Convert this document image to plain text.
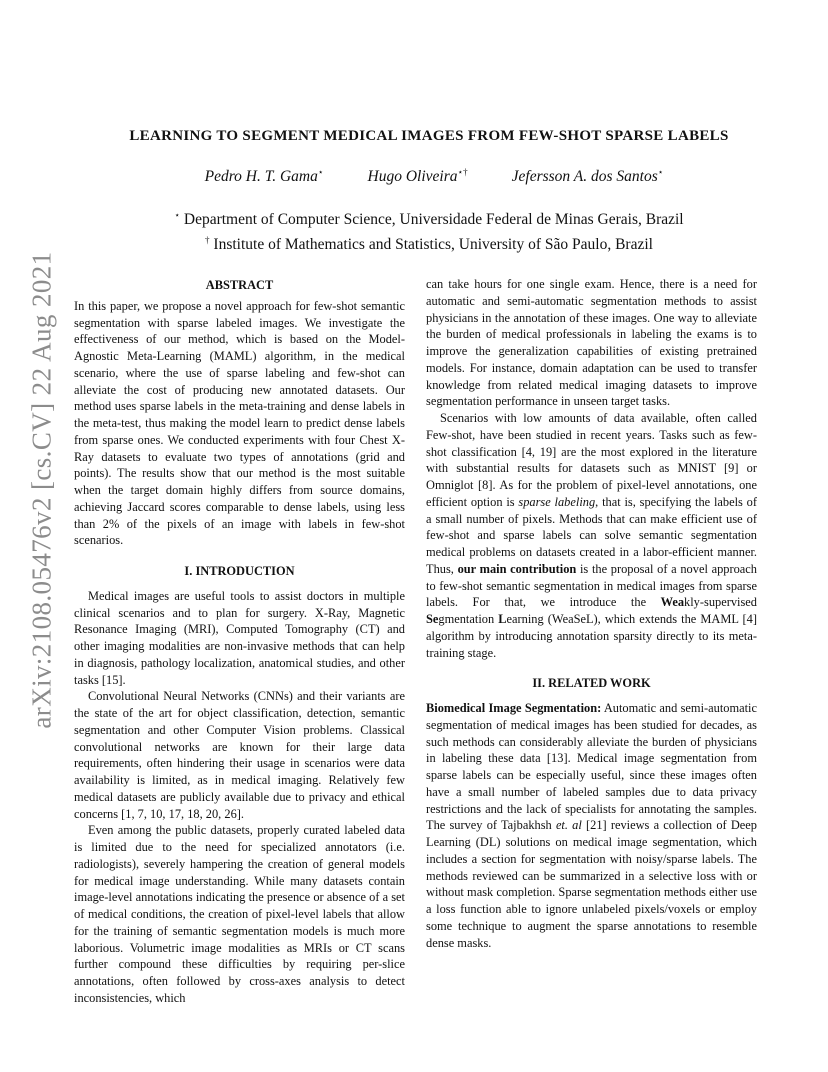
arXiv:2108.05476v2 [cs.CV] 22 Aug 2021
LEARNING TO SEGMENT MEDICAL IMAGES FROM FEW-SHOT SPARSE LABELS
Pedro H. T. Gama⋆	Hugo Oliveira⋆†	Jefersson A. dos Santos⋆
⋆ Department of Computer Science, Universidade Federal de Minas Gerais, Brazil
† Institute of Mathematics and Statistics, University of São Paulo, Brazil
ABSTRACT

In this paper, we propose a novel approach for few-shot semantic segmentation with sparse labeled images. We investigate the effectiveness of our method, which is based on the Model-Agnostic Meta-Learning (MAML) algorithm, in the medical scenario, where the use of sparse labeling and few-shot can alleviate the cost of producing new annotated datasets. Our method uses sparse labels in the meta-training and dense labels in the meta-test, thus making the model learn to predict dense labels from sparse ones. We conducted experiments with four Chest X-Ray datasets to evaluate two types of annotations (grid and points). The results show that our method is the most suitable when the target domain highly differs from source domains, achieving Jaccard scores comparable to dense labels, using less than 2% of the pixels of an image with labels in few-shot scenarios.

I. INTRODUCTION

Medical images are useful tools to assist doctors in multiple clinical scenarios and to plan for surgery. X-Ray, Magnetic Resonance Imaging (MRI), Computed Tomography (CT) and other imaging modalities are non-invasive methods that can help in diagnosis, pathology localization, anatomical studies, and other tasks [15].

Convolutional Neural Networks (CNNs) and their variants are the state of the art for object classification, detection, semantic segmentation and other Computer Vision problems. Classical convolutional networks are known for their large data requirements, often hindering their usage in scenarios were data availability is limited, as in medical imaging. Relatively few medical datasets are publicly available due to privacy and ethical concerns [1, 7, 10, 17, 18, 20, 26].

Even among the public datasets, properly curated labeled data is limited due to the need for specialized annotators (i.e. radiologists), severely hampering the creation of general models for medical image understanding. While many datasets contain image-level annotations indicating the presence or absence of a set of medical conditions, the creation of pixel-level labels that allow for the training of semantic segmentation models is much more laborious. Volumetric image modalities as MRIs or CT scans further compound these difficulties by requiring per-slice annotations, often followed by cross-axes analysis to detect inconsistencies, which

can take hours for one single exam. Hence, there is a need for automatic and semi-automatic segmentation methods to assist physicians in the annotation of these images. One way to alleviate the burden of medical professionals in labeling the exams is to improve the generalization capabilities of existing pretrained models. For instance, domain adaptation can be used to transfer knowledge from related medical imaging datasets to improve segmentation performance in unseen target tasks.

Scenarios with low amounts of data available, often called Few-shot, have been studied in recent years. Tasks such as few-shot classification [4, 19] are the most explored in the literature with substantial results for datasets such as MNIST [9] or Omniglot [8]. As for the problem of pixel-level annotations, one efficient option is sparse labeling, that is, specifying the labels of a small number of pixels. Methods that can make efficient use of few-shot and sparse labels can solve semantic segmentation medical problems on datasets created in a labor-efficient manner. Thus, our main contribution is the proposal of a novel approach to few-shot semantic segmentation in medical images from sparse labels. For that, we introduce the Weakly-supervised Segmentation Learning (WeaSeL), which extends the MAML [4] algorithm by introducing annotation sparsity directly to its meta-training stage.

II. RELATED WORK

Biomedical Image Segmentation: Automatic and semi-automatic segmentation of medical images has been studied for decades, as such methods can considerably alleviate the burden of physicians in labeling these data [13]. Medical image segmentation from sparse labels can be especially useful, since these images often have a small number of labeled samples due to data privacy restrictions and the lack of specialists for annotating the samples. The survey of Tajbakhsh et. al [21] reviews a collection of Deep Learning (DL) solutions on medical image segmentation, which includes a section for segmentation with noisy/sparse labels. The methods reviewed can be summarized in a selective loss with or without mask completion. Sparse segmentation methods either use a loss function able to ignore unlabeled pixels/voxels or employ some technique to augment the sparse annotations to resemble dense masks.
